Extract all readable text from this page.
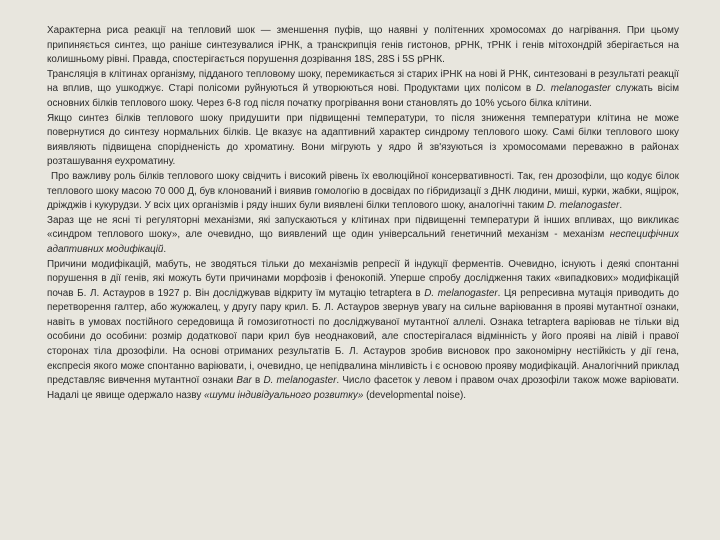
Характерна риса реакції на тепловий шок — зменшення пуфів, що наявні у політенних хромосомах до нагрівання. При цьому припиняється синтез, що раніше синтезувалися іРНК, а транскрипція генів гистонов, рРНК, тРНК і генів мітохондрій зберігається на колишньому рівні. Правда, спостерігається порушення дозрівання 18S, 28S і 5S рРНК.

Трансляція в клітинах організму, підданого тепловому шоку, перемикається зі старих іРНК на нові й РНК, синтезовані в результаті реакції на вплив, що ушкоджує. Старі полісоми руйнуються й утворюються нові. Продуктами цих полісом в D. melanogaster служать вісім основних білків теплового шоку. Через 6-8 год після початку прогрівання вони становлять до 10% усього білка клітини.

Якщо синтез білків теплового шоку придушити при підвищенні температури, то після зниження температури клітина не може повернутися до синтезу нормальних білків. Це вказує на адаптивний характер синдрому теплового шоку. Самі білки теплового шоку виявляють підвищена спорідненість до хроматину. Вони мігрують у ядро й зв'язуються із хромосомами переважно в районах розташування еухроматину.

Про важливу роль білків теплового шоку свідчить і високий рівень їх еволюційної консервативності. Так, ген дрозофіли, що кодує білок теплового шоку масою 70 000 Д, був клонований і виявив гомологію в досвідах по гібридизації з ДНК людини, миші, курки, жабки, ящірок, дріжджів і кукурудзи. У всіх цих організмів і ряду інших були виявлені білки теплового шоку, аналогічні таким D. melanogaster.

Зараз ще не ясні ті регуляторні механізми, які запускаються у клітинах при підвищенні температури й інших впливах, що викликає «синдром теплового шоку», але очевидно, що виявлений ще один універсальний генетичний механізм - механізм неспецифічних адаптивних модифікацій.

Причини модифікацій, мабуть, не зводяться тільки до механізмів репресії й індукції ферментів. Очевидно, існують і деякі спонтанні порушення в дії генів, які можуть бути причинами морфозів і фенокопій. Уперше спробу дослідження таких «випадкових» модифікацій почав Б. Л. Астауров в 1927 р. Він досліджував відкриту їм мутацію tetraptera в D. melanogaster. Ця репресивна мутація приводить до перетворення галтер, або жужжалец, у другу пару крил. Б. Л. Астауров звернув увагу на сильне варіювання в прояві мутантної ознаки, навіть в умовах постійного середовища й гомозиготності по досліджуваної мутантної аллелі. Ознака tetraptera варіював не тільки від особини до особини: розмір додаткової пари крил був неоднаковий, але спостерігалася відмінність у його прояві на лівій і правої сторонах тіла дрозофіли. На основі отриманих результатів Б. Л. Астауров зробив висновок про закономірну нестійкість у дії гена, експресія якого може спонтанно варіювати, і, очевидно, це непідвалина мінливість і є основою прояву модифікацій. Аналогічний приклад представляє вивчення мутантної ознаки Bar в D. melanogaster. Число фасеток у левом і правом очах дрозофіли також може варіювати. Надалі це явище одержало назву «шуми індивідуального розвитку» (developmental noise).
